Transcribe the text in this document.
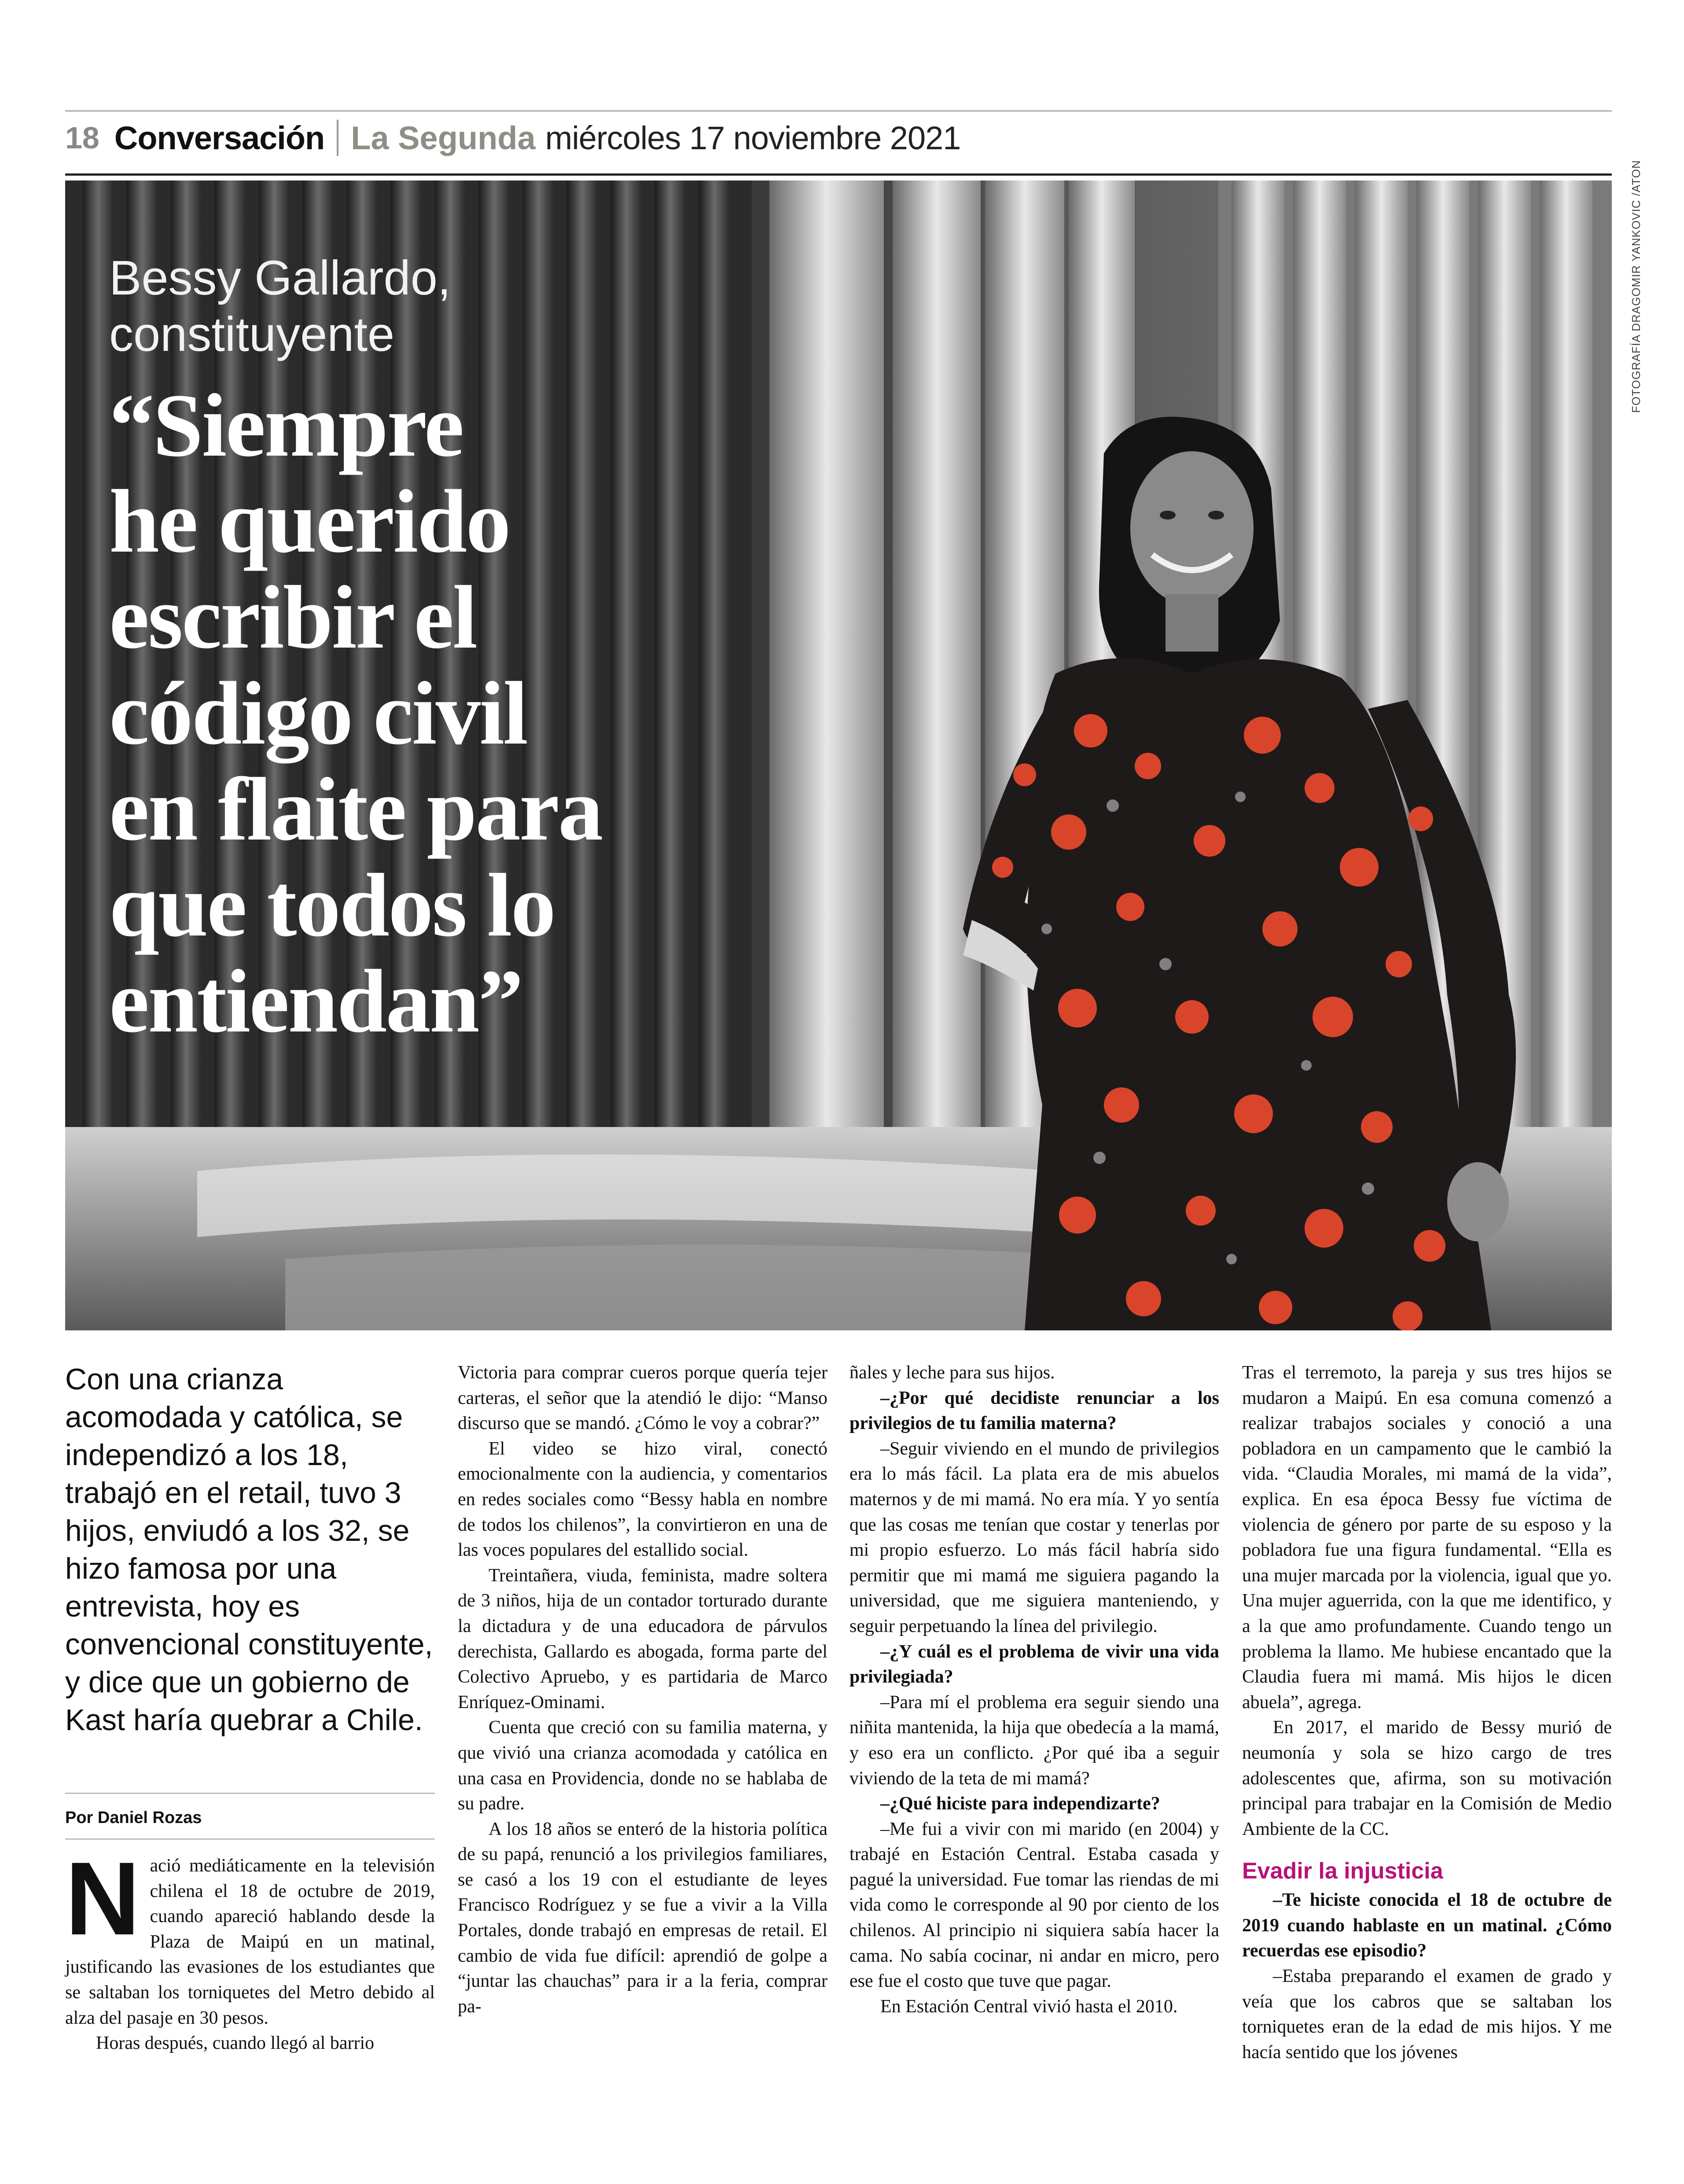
18 Conversación La Segunda miércoles 17 noviembre 2021
FOTOGRAFÍA DRAGOMIR YANKOVIC /ATON
Bessy Gallardo,
constituyente
“Siempre
he querido
escribir el
código civil
en flaite para
que todos lo
entiendan”
Con una crianza acomodada y católica, se independizó a los 18, trabajó en el retail, tuvo 3 hijos, enviudó a los 32, se hizo famosa por una entrevista, hoy es convencional constituyente, y dice que un gobierno de Kast haría quebrar a Chile.
Por Daniel Rozas
N ació mediáticamente en la televisión chilena el 18 de octubre de 2019, cuando apareció hablando desde la Plaza de Maipú en un matinal, justificando las evasiones de los estudiantes que se saltaban los torniquetes del Metro debido al alza del pasaje en 30 pesos.

Horas después, cuando llegó al barrio

Victoria para comprar cueros porque quería tejer carteras, el señor que la atendió le dijo: “Manso discurso que se mandó. ¿Cómo le voy a cobrar?”

El video se hizo viral, conectó emocionalmente con la audiencia, y comentarios en redes sociales como “Bessy habla en nombre de todos los chilenos”, la convirtieron en una de las voces populares del estallido social.

Treintañera, viuda, feminista, madre soltera de 3 niños, hija de un contador torturado durante la dictadura y de una educadora de párvulos derechista, Gallardo es abogada, forma parte del Colectivo Apruebo, y es partidaria de Marco Enríquez-Ominami.

Cuenta que creció con su familia materna, y que vivió una crianza acomodada y católica en una casa en Providencia, donde no se hablaba de su padre.

A los 18 años se enteró de la historia política de su papá, renunció a los privilegios familiares, se casó a los 19 con el estudiante de leyes Francisco Rodríguez y se fue a vivir a la Villa Portales, donde trabajó en empresas de retail. El cambio de vida fue difícil: aprendió de golpe a “juntar las chauchas” para ir a la feria, comprar pa-

ñales y leche para sus hijos.

–¿Por qué decidiste renunciar a los privilegios de tu familia materna?

–Seguir viviendo en el mundo de privilegios era lo más fácil. La plata era de mis abuelos maternos y de mi mamá. No era mía. Y yo sentía que las cosas me tenían que costar y tenerlas por mi propio esfuerzo. Lo más fácil habría sido permitir que mi mamá me siguiera pagando la universidad, que me siguiera manteniendo, y seguir perpetuando la línea del privilegio.

–¿Y cuál es el problema de vivir una vida privilegiada?

–Para mí el problema era seguir siendo una niñita mantenida, la hija que obedecía a la mamá, y eso era un conflicto. ¿Por qué iba a seguir viviendo de la teta de mi mamá?

–¿Qué hiciste para independizarte?

–Me fui a vivir con mi marido (en 2004) y trabajé en Estación Central. Estaba casada y pagué la universidad. Fue tomar las riendas de mi vida como le corresponde al 90 por ciento de los chilenos. Al principio ni siquiera sabía hacer la cama. No sabía cocinar, ni andar en micro, pero ese fue el costo que tuve que pagar.

En Estación Central vivió hasta el 2010.

Tras el terremoto, la pareja y sus tres hijos se mudaron a Maipú. En esa comuna comenzó a realizar trabajos sociales y conoció a una pobladora en un campamento que le cambió la vida. “Claudia Morales, mi mamá de la vida”, explica. En esa época Bessy fue víctima de violencia de género por parte de su esposo y la pobladora fue una figura fundamental. “Ella es una mujer marcada por la violencia, igual que yo. Una mujer aguerrida, con la que me identifico, y a la que amo profundamente. Cuando tengo un problema la llamo. Me hubiese encantado que la Claudia fuera mi mamá. Mis hijos le dicen abuela”, agrega.

En 2017, el marido de Bessy murió de neumonía y sola se hizo cargo de tres adolescentes que, afirma, son su motivación principal para trabajar en la Comisión de Medio Ambiente de la CC.

Evadir la injusticia

–Te hiciste conocida el 18 de octubre de 2019 cuando hablaste en un matinal. ¿Cómo recuerdas ese episodio?

–Estaba preparando el examen de grado y veía que los cabros que se saltaban los torniquetes eran de la edad de mis hijos. Y me hacía sentido que los jóvenes
